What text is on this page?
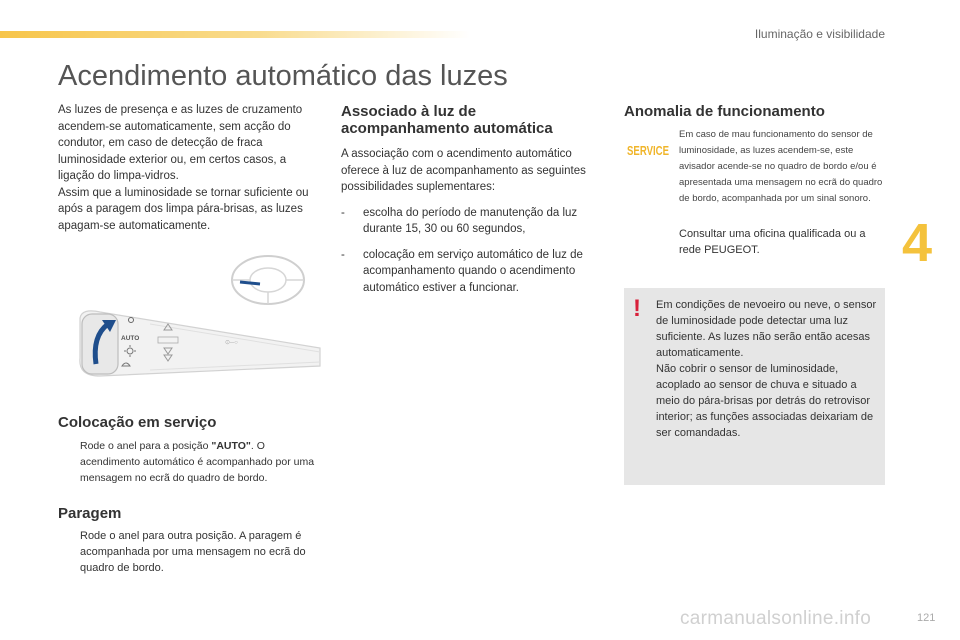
Iluminação e visibilidade
Acendimento automático das luzes
4

As luzes de presença e as luzes de cruzamento acendem-se automaticamente, sem acção do condutor, em caso de detecção de fraca luminosidade exterior ou, em certos casos, a ligação do limpa-vidros.

Assim que a luminosidade se tornar suficiente ou após a paragem dos limpa pára-brisas, as luzes apagam-se automaticamente.

AUTO
⊙─○
Colocação em serviço
Rode o anel para a posição "AUTO". O acendimento automático é acompanhado por uma mensagem no ecrã do quadro de bordo.
Paragem
Rode o anel para outra posição. A paragem é acompanhada por uma mensagem no ecrã do quadro de bordo.
Associado à luz de acompanhamento automática

A associação com o acendimento automático oferece à luz de acompanhamento as seguintes possibilidades suplementares:

- escolha do período de manutenção da luz durante 15, 30 ou 60 segundos,
- colocação em serviço automático de luz de acompanhamento quando o acendimento automático estiver a funcionar.
Anomalia de funcionamento
SERVICE
Em caso de mau funcionamento do sensor de luminosidade, as luzes acendem-se, este avisador acende-se no quadro de bordo e/ou é apresentada uma mensagem no ecrã do quadro de bordo, acompanhada por um sinal sonoro.
Consultar uma oficina qualificada ou a rede PEUGEOT.
! Em condições de nevoeiro ou neve, o sensor de luminosidade pode detectar uma luz suficiente. As luzes não serão então acesas automaticamente.
Não cobrir o sensor de luminosidade, acoplado ao sensor de chuva e situado a meio do pára-brisas por detrás do retrovisor interior; as funções associadas deixariam de ser comandadas.
carmanualsonline.info	121
